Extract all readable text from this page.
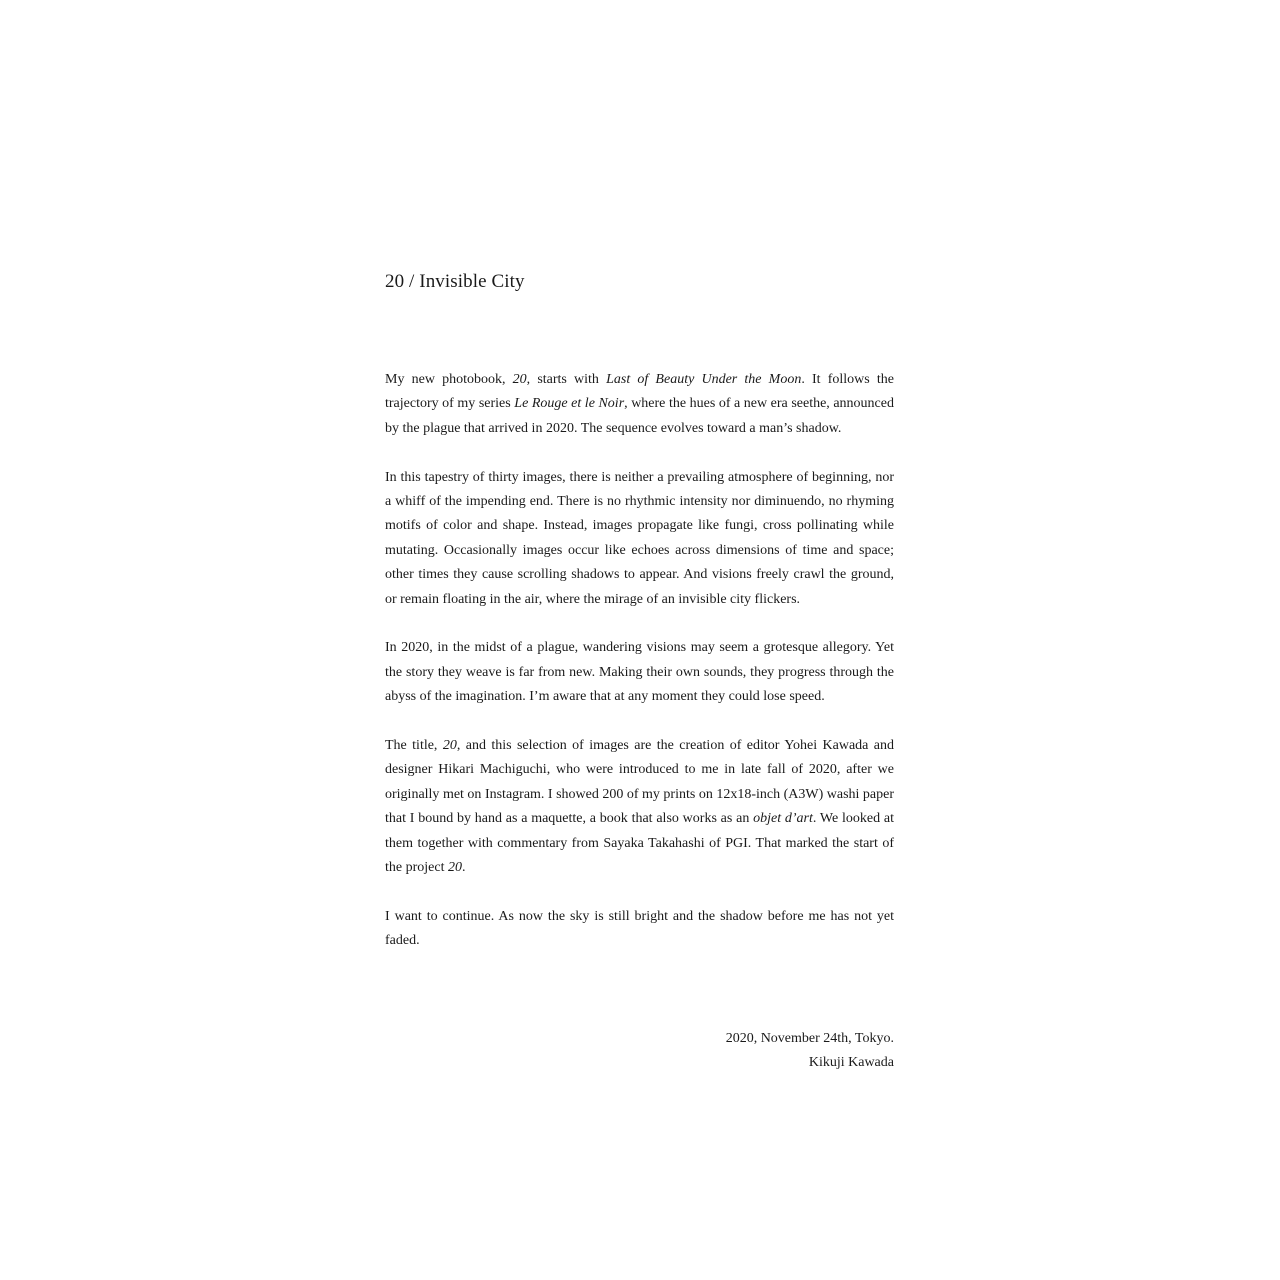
20 / Invisible City

My new photobook, 20, starts with Last of Beauty Under the Moon. It follows the trajectory of my series Le Rouge et le Noir, where the hues of a new era seethe, announced by the plague that arrived in 2020. The sequence evolves toward a man’s shadow.

In this tapestry of thirty images, there is neither a prevailing atmosphere of beginning, nor a whiff of the impending end. There is no rhythmic intensity nor diminuendo, no rhyming motifs of color and shape. Instead, images propagate like fungi, cross pollinating while mutating. Occasionally images occur like echoes across dimensions of time and space; other times they cause scrolling shadows to appear. And visions freely crawl the ground, or remain floating in the air, where the mirage of an invisible city flickers.

In 2020, in the midst of a plague, wandering visions may seem a grotesque allegory. Yet the story they weave is far from new. Making their own sounds, they progress through the abyss of the imagination. I’m aware that at any moment they could lose speed.

The title, 20, and this selection of images are the creation of editor Yohei Kawada and designer Hikari Machiguchi, who were introduced to me in late fall of 2020, after we originally met on Instagram. I showed 200 of my prints on 12x18-inch (A3W) washi paper that I bound by hand as a maquette, a book that also works as an objet d’art. We looked at them together with commentary from Sayaka Takahashi of PGI. That marked the start of the project 20.

I want to continue. As now the sky is still bright and the shadow before me has not yet faded.

2020, November 24th, Tokyo.
Kikuji Kawada
